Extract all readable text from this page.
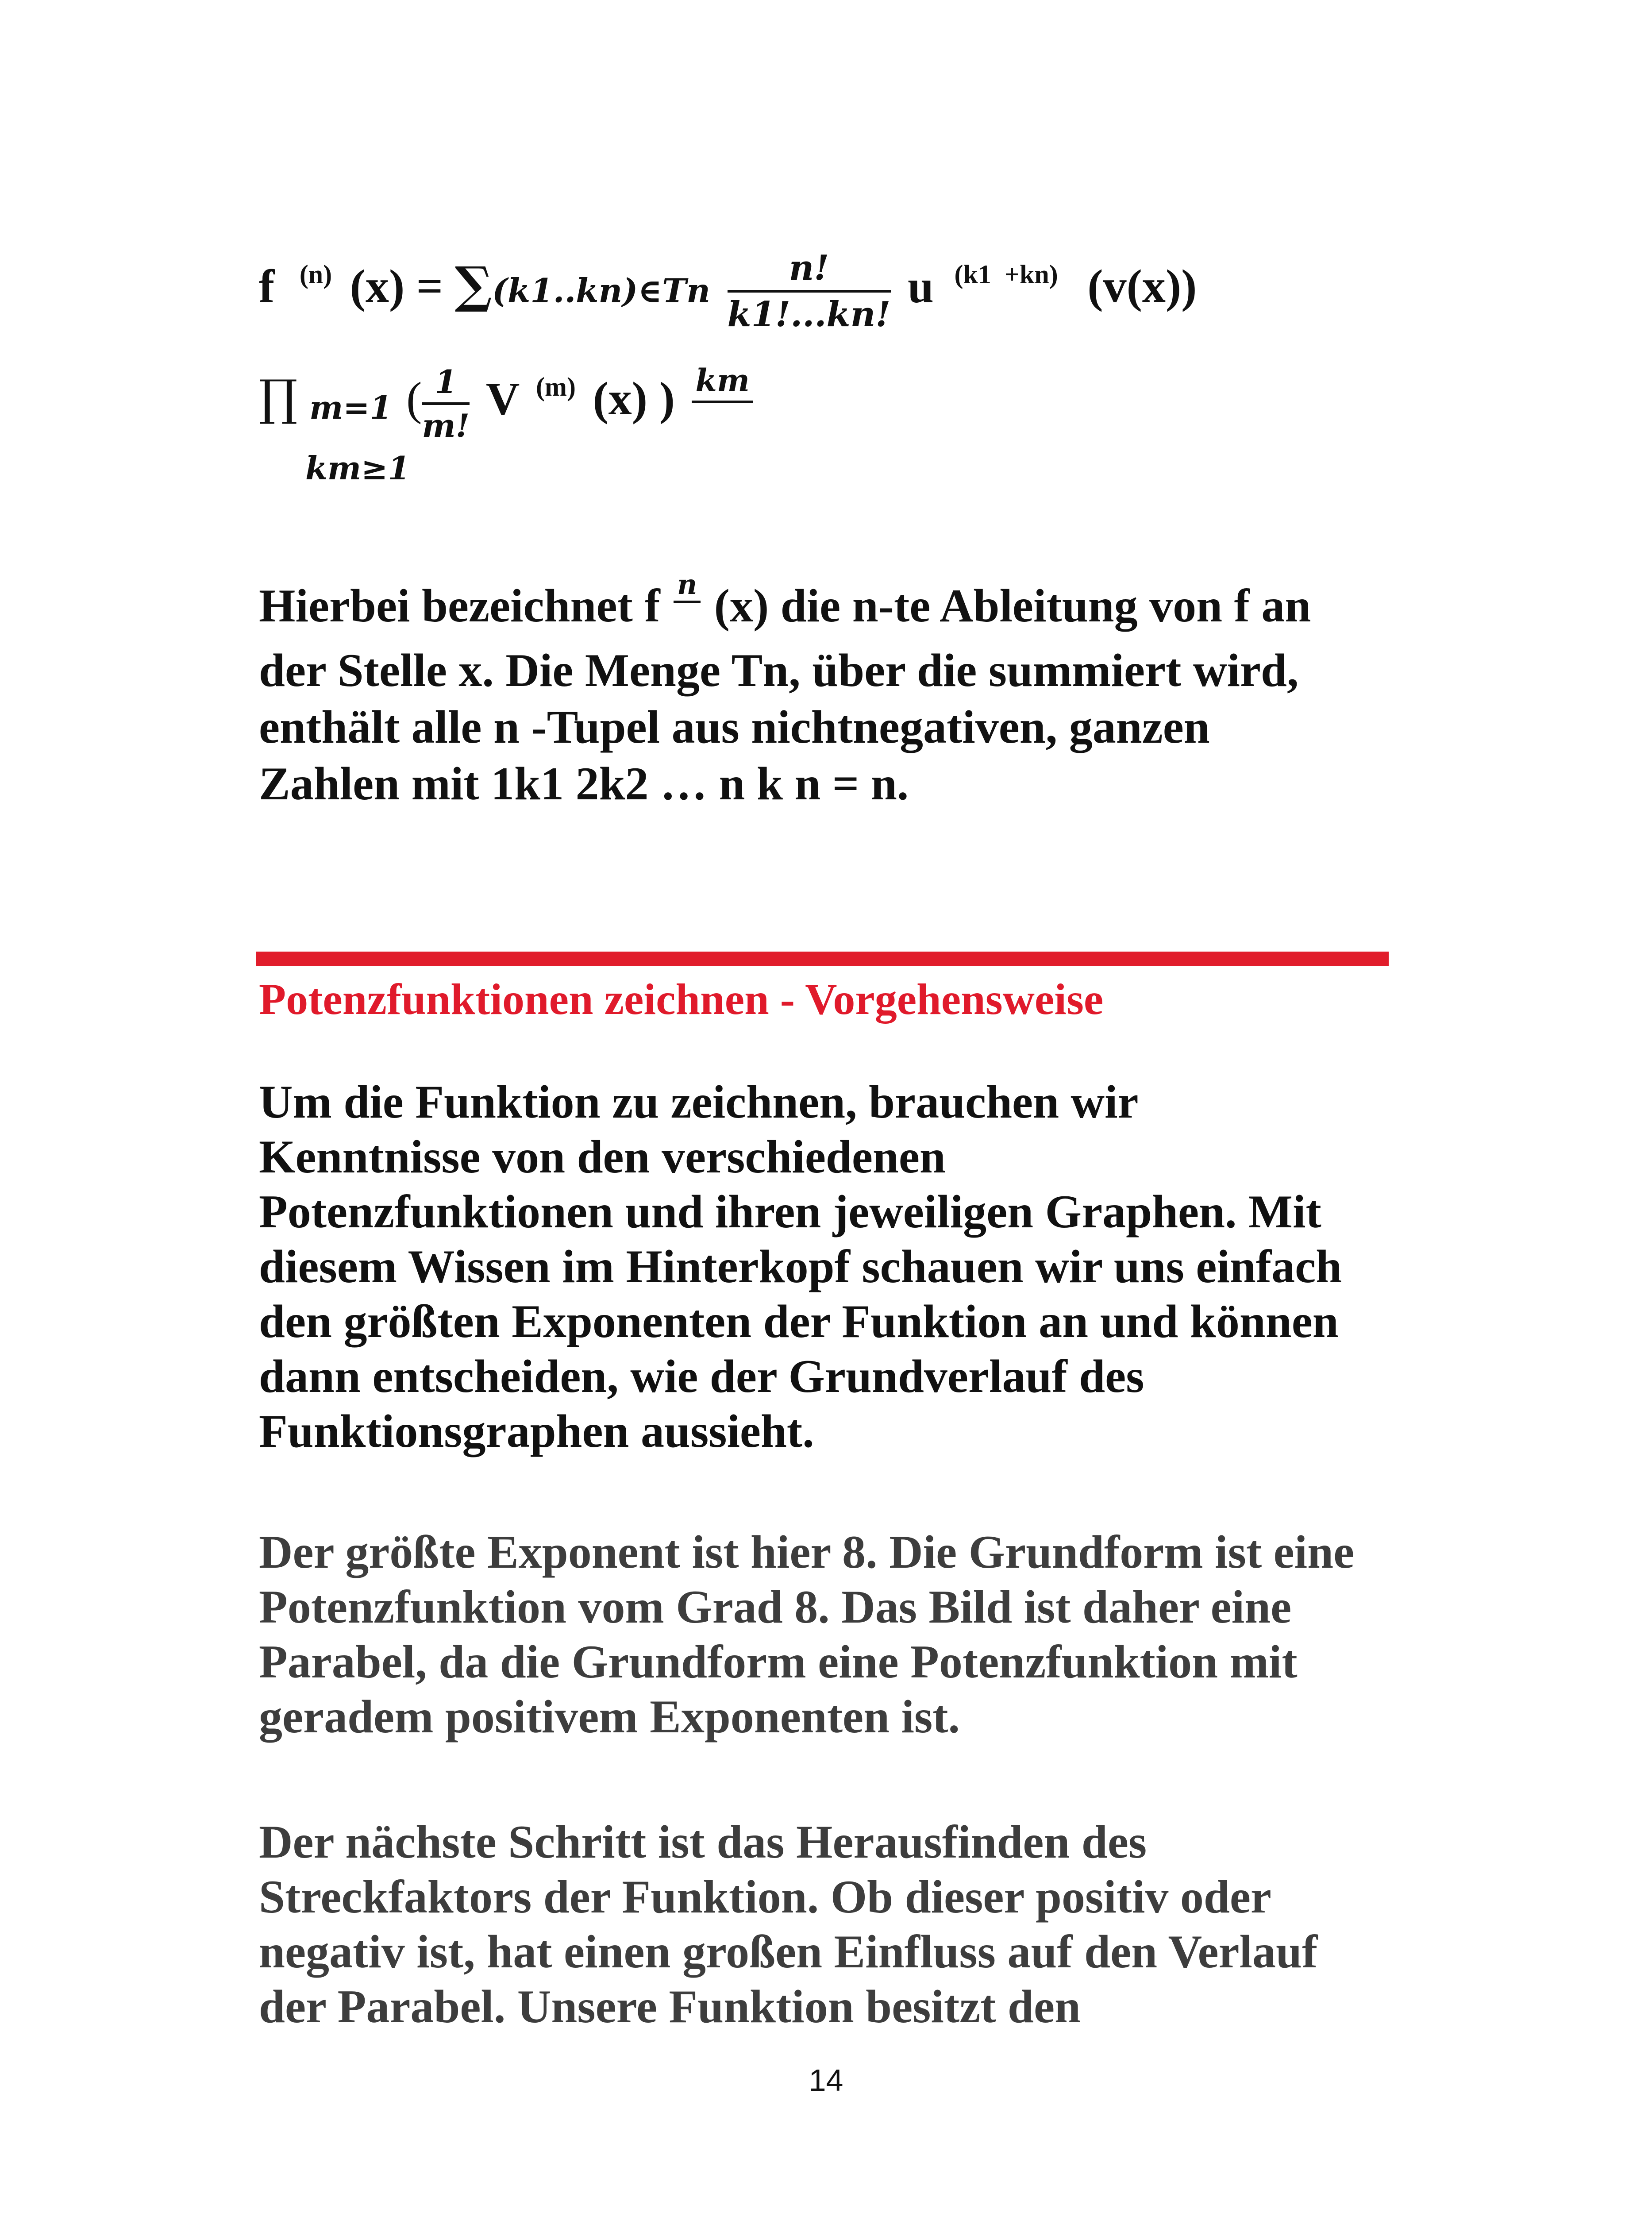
f $^{(n)}$ (x) = ∑(k1..kn)∈Tn $\frac{n!}{k1!...kn!}$ u $^{(k1 +kn)}$ (v(x))
∏ m=1 ( $\frac{1}{m!}$ V $^{(m)}$ (x) ) km
km≥1
Hierbei bezeichnet f n (x) die n-te Ableitung von f an
der Stelle x. Die Menge Tn, über die summiert wird,
enthält alle n -Tupel aus nichtnegativen, ganzen
Zahlen mit 1k1 2k2 … n k n = n.
Potenzfunktionen zeichnen - Vorgehensweise
Um die Funktion zu zeichnen, brauchen wir
Kenntnisse von den verschiedenen
Potenzfunktionen und ihren jeweiligen Graphen. Mit
diesem Wissen im Hinterkopf schauen wir uns einfach
den größten Exponenten der Funktion an und können
dann entscheiden, wie der Grundverlauf des
Funktionsgraphen aussieht.
Der größte Exponent ist hier 8. Die Grundform ist eine
Potenzfunktion vom Grad 8. Das Bild ist daher eine
Parabel, da die Grundform eine Potenzfunktion mit
geradem positivem Exponenten ist.
Der nächste Schritt ist das Herausfinden des
Streckfaktors der Funktion. Ob dieser positiv oder
negativ ist, hat einen großen Einfluss auf den Verlauf
der Parabel. Unsere Funktion besitzt den
14
